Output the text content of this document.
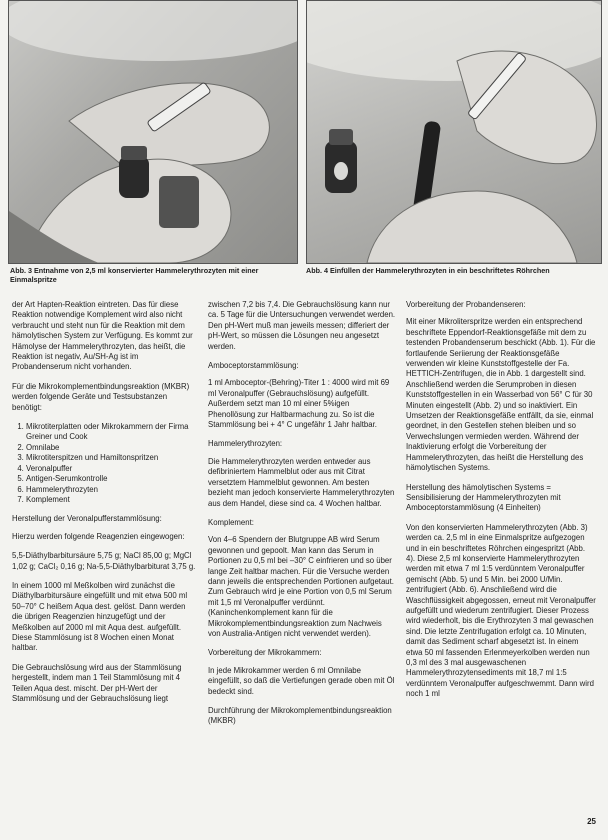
Abb. 3 Entnahme von 2,5 ml konservierter Hammelerythrozyten mit einer Einmalspritze
Abb. 4 Einfüllen der Hammelerythrozyten in ein beschriftetes Röhrchen

der Art Hapten-Reaktion eintreten. Das für diese Reaktion notwendige Komplement wird also nicht verbraucht und steht nun für die Reaktion mit dem hämolytischen System zur Verfügung. Es kommt zur Hämolyse der Hammelerythrozyten, das heißt, die Reaktion ist negativ, Au/SH-Ag ist im Probandenserum nicht vorhanden.

Für die Mikrokomplementbindungsreaktion (MKBR) werden folgende Geräte und Testsubstanzen benötigt:

1. Mikrotiterplatten oder Mikrokammern der Firma Greiner und Cook
2. Omnilabe
3. Mikrotiterspitzen und Hamiltonspritzen
4. Veronalpuffer
5. Antigen-Serumkontrolle
6. Hammelerythrozyten
7. Komplement

Herstellung der Veronalpufferstammlösung:

Hierzu werden folgende Reagenzien eingewogen:

5,5-Diäthylbarbitursäure 5,75 g; NaCl 85,00 g; MgCl 1,02 g; CaCl₂ 0,16 g; Na-5,5-Diäthylbarbiturat 3,75 g.

In einem 1000 ml Meßkolben wird zunächst die Diäthylbarbitursäure eingefüllt und mit etwa 500 ml 50–70° C heißem Aqua dest. gelöst. Dann werden die übrigen Reagenzien hinzugefügt und der Meßkolben auf 2000 ml mit Aqua dest. aufgefüllt. Diese Stammlösung ist 8 Wochen einen Monat haltbar.

Die Gebrauchslösung wird aus der Stammlösung hergestellt, indem man 1 Teil Stammlösung mit 4 Teilen Aqua dest. mischt. Der pH-Wert der Stammlösung und der Gebrauchslösung liegt

zwischen 7,2 bis 7,4. Die Gebrauchslösung kann nur ca. 5 Tage für die Untersuchungen verwendet werden. Den pH-Wert muß man jeweils messen; differiert der pH-Wert, so müssen die Lösungen neu angesetzt werden.

Amboceptorstammlösung:

1 ml Amboceptor-(Behring)-Titer 1 : 4000 wird mit 69 ml Veronalpuffer (Gebrauchslösung) aufgefüllt. Außerdem setzt man 10 ml einer 5%igen Phenollösung zur Haltbarmachung zu. So ist die Stammlösung bei + 4° C ungefähr 1 Jahr haltbar.

Hammelerythrozyten:

Die Hammelerythrozyten werden entweder aus defibriniertem Hammelblut oder aus mit Citrat versetztem Hammelblut gewonnen. Am besten bezieht man jedoch konservierte Hammelerythrozyten aus dem Handel, diese sind ca. 4 Wochen haltbar.

Komplement:

Von 4–6 Spendern der Blutgruppe AB wird Serum gewonnen und gepoolt. Man kann das Serum in Portionen zu 0,5 ml bei –30° C einfrieren und so über lange Zeit haltbar machen. Für die Versuche werden dann jeweils die entsprechenden Portionen aufgetaut. Zum Gebrauch wird je eine Portion von 0,5 ml Serum mit 1,5 ml Veronalpuffer verdünnt. (Kaninchenkomplement kann für die Mikrokomplementbindungsreaktion zum Nachweis von Australia-Antigen nicht verwendet werden).

Vorbereitung der Mikrokammern:

In jede Mikrokammer werden 6 ml Omnilabe eingefüllt, so daß die Vertiefungen gerade oben mit Öl bedeckt sind.

Durchführung der Mikrokomplementbindungsreaktion (MKBR)

Vorbereitung der Probandenseren:

Mit einer Mikroliterspritze werden ein entsprechend beschriftete Eppendorf-Reaktionsgefäße mit dem zu testenden Probandenserum beschickt (Abb. 1). Für die fortlaufende Seriierung der Reaktionsgefäße verwenden wir kleine Kunststoffgestelle der Fa. HETTICH-Zentrifugen, die in Abb. 1 dargestellt sind. Anschließend werden die Serumproben in diesen Kunststoffgestellen in ein Wasserbad von 56° C für 30 Minuten eingestellt (Abb. 2) und so inaktiviert. Ein Umsetzen der Reaktionsgefäße entfällt, da sie, einmal geordnet, in den Gestellen stehen bleiben und so Verwechslungen vermieden werden. Während der Inaktivierung erfolgt die Vorbereitung der Hammelerythrozyten, das heißt die Herstellung des hämolytischen Systems.

Herstellung des hämolytischen Systems = Sensibilisierung der Hammelerythrozyten mit Amboceptorstammlösung (4 Einheiten)

Von den konservierten Hammelerythrozyten (Abb. 3) werden ca. 2,5 ml in eine Einmalspritze aufgezogen und in ein beschriftetes Röhrchen eingespritzt (Abb. 4). Diese 2,5 ml konservierte Hammelerythrozyten werden mit etwa 7 ml 1:5 verdünntem Veronalpuffer gemischt (Abb. 5) und 5 Min. bei 2000 U/Min. zentrifugiert (Abb. 6). Anschließend wird die Waschflüssigkeit abgegossen, erneut mit Veronalpuffer aufgefüllt und wiederum zentrifugiert. Dieser Prozess wird wiederholt, bis die Erythrozyten 3 mal gewaschen sind. Die letzte Zentrifugation erfolgt ca. 10 Minuten, damit das Sediment scharf abgesetzt ist. In einem etwa 50 ml fassenden Erlenmeyerkolben werden nun 0,3 ml des 3 mal ausgewaschenen Hammelerythrozytensediments mit 18,7 ml 1:5 verdünntem Veronalpuffer aufgeschwemmt. Dann wird noch 1 ml

25
